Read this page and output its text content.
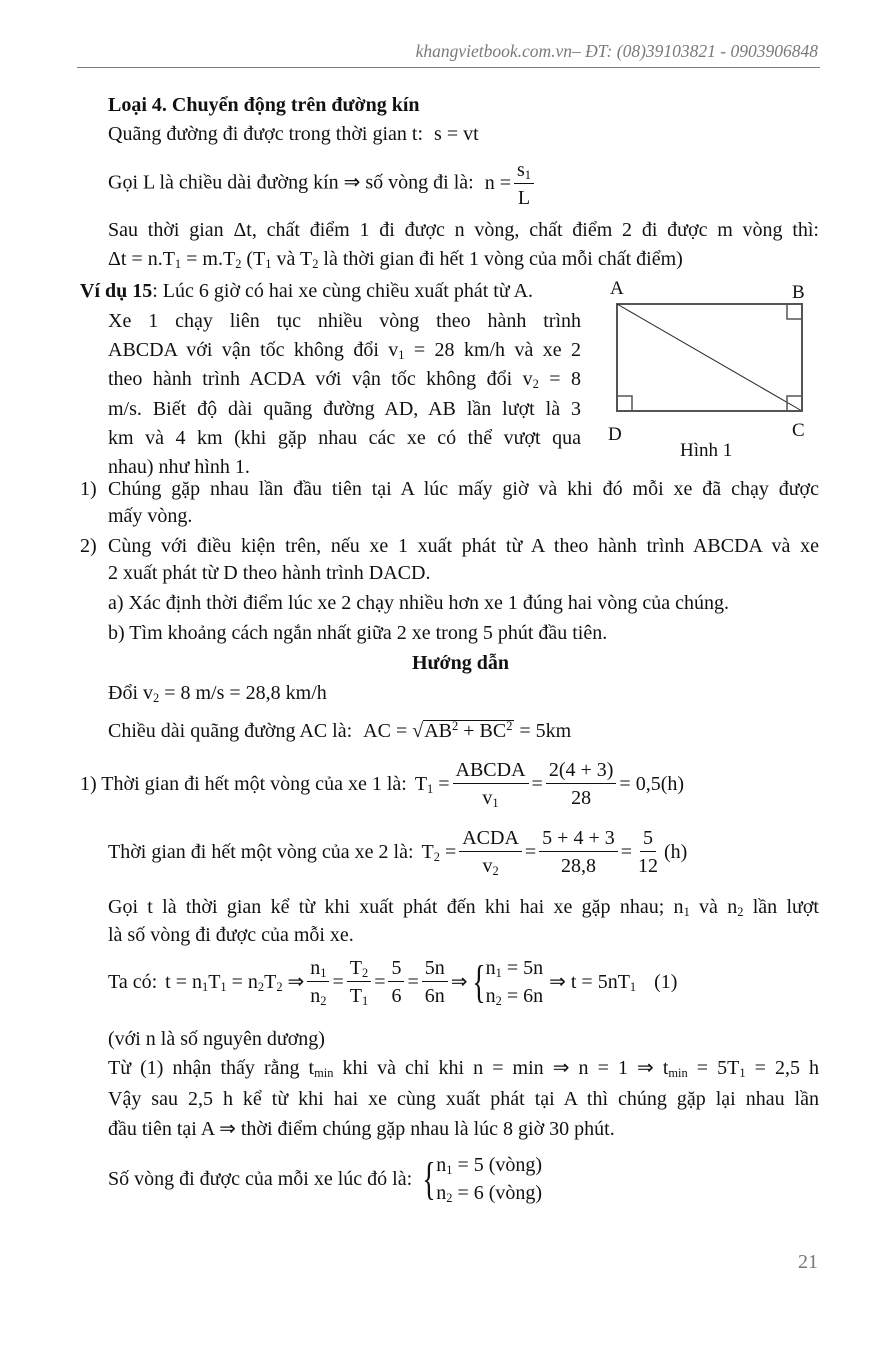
khangvietbook.com.vn– ĐT: (08)39103821 - 0903906848
Loại 4. Chuyển động trên đường kín
Quãng đường đi được trong thời gian t: s = vt
Gọi L là chiều dài đường kín ⇒ số vòng đi là: $n = \frac{s_1}{L}$
Sau thời gian Δt, chất điểm 1 đi được n vòng, chất điểm 2 đi được m vòng thì:
$\Delta t = n.T_1 = m.T_2$ ($T_1$ và $T_2$ là thời gian đi hết 1 vòng của mỗi chất điểm)
Ví dụ 15: Lúc 6 giờ có hai xe cùng chiều xuất phát từ A.
Xe 1 chạy liên tục nhiều vòng theo hành trình
ABCDA với vận tốc không đổi $v_1 = 28$ km/h và xe 2
theo hành trình ACDA với vận tốc không đổi $v_2 = 8$
m/s. Biết độ dài quãng đường AD, AB lần lượt là 3
km và 4 km (khi gặp nhau các xe có thể vượt qua
nhau) như hình 1.
A	B
C
D
Hình 1
1) Chúng gặp nhau lần đầu tiên tại A lúc mấy giờ và khi đó mỗi xe đã chạy được
mấy vòng.
2) Cùng với điều kiện trên, nếu xe 1 xuất phát từ A theo hành trình ABCDA và xe
2 xuất phát từ D theo hành trình DACD.
a) Xác định thời điểm lúc xe 2 chạy nhiều hơn xe 1 đúng hai vòng của chúng.
b) Tìm khoảng cách ngắn nhất giữa 2 xe trong 5 phút đầu tiên.
Hướng dẫn
Đổi $v_2 = 8$ m/s = 28,8 km/h
Chiều dài quãng đường AC là: AC = $√AB^2 + BC^2 = 5km$
1) Thời gian đi hết một vòng của xe 1 là: $T_1 = \frac{\text{ABCDA}}{v_1} = \frac{2(4 + 3)}{28} = 0,5(h)$
Thời gian đi hết một vòng của xe 2 là: $T_2 = \frac{\text{ACDA}}{v_2} = \frac{5 + 4 + 3}{28,8} = \frac{5}{12} (h)$
Gọi t là thời gian kể từ khi xuất phát đến khi hai xe gặp nhau; $n_1$ và $n_2$ lần lượt
là số vòng đi được của mỗi xe.
Ta có: $t = n_1T_1 = n_2T_2$ ⇒ $\frac{n_1}{n_2} = \frac{T_2}{T_1} = \frac{5}{6} = \frac{5n}{6n}$ ⇒ { $n_1 = 5n$
$n_2 = 6n$
⇒ $t = 5nT_1$ (1)
(với n là số nguyên dương)
Từ (1) nhận thấy rằng $t_{min}$ khi và chỉ khi n = min ⇒ n = 1 ⇒ $t_{min} = 5T_1 = 2,5$ h
Vậy sau 2,5 h kể từ khi hai xe cùng xuất phát tại A thì chúng gặp lại nhau lần
đầu tiên tại A ⇒ thời điểm chúng gặp nhau là lúc 8 giờ 30 phút.
Số vòng đi được của mỗi xe lúc đó là: { $n_1 = 5$ (vòng)
$n_2 = 6$ (vòng)
21
